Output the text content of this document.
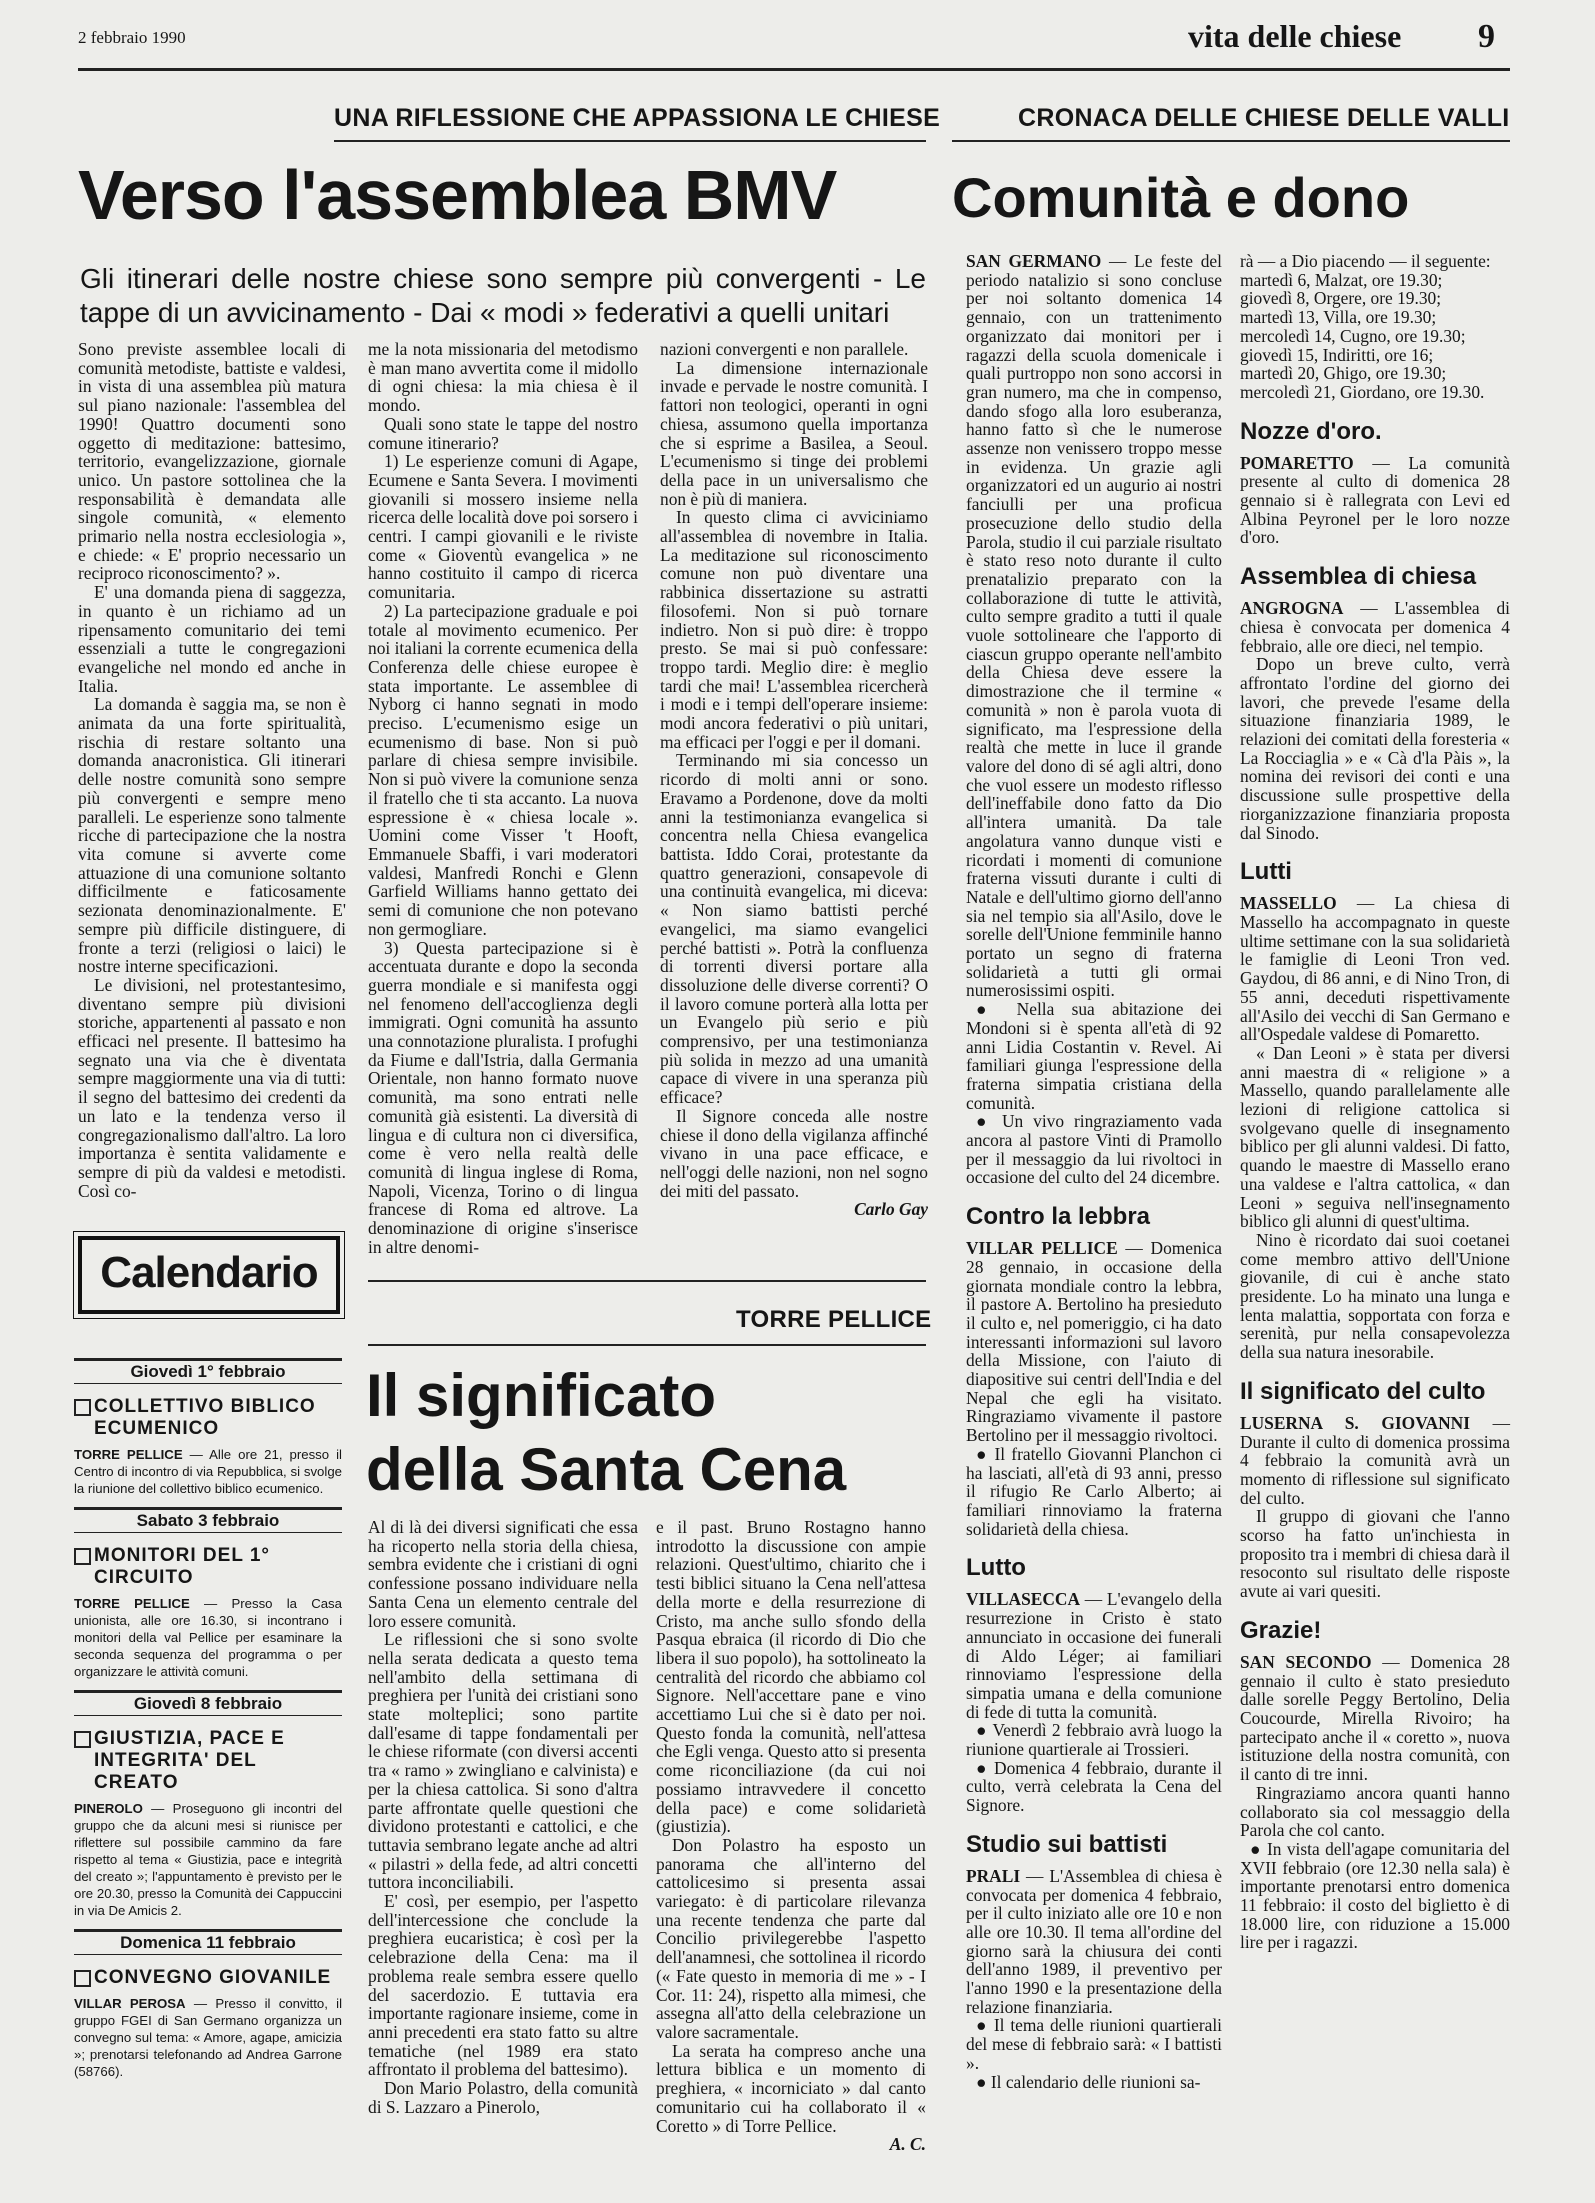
2 febbraio 1990	vita delle chiese 9
UNA RIFLESSIONE CHE APPASSIONA LE CHIESE
Verso l'assemblea BMV
Gli itinerari delle nostre chiese sono sempre più convergenti - Le tappe di un avvicinamento - Dai « modi » federativi a quelli unitari

Sono previste assemblee locali di comunità metodiste, battiste e valdesi, in vista di una assemblea più matura sul piano nazionale: l'assemblea del 1990! Quattro documenti sono oggetto di meditazione: battesimo, territorio, evangelizzazione, giornale unico. Un pastore sottolinea che la responsabilità è demandata alle singole comunità, « elemento primario nella nostra ecclesiologia », e chiede: « E' proprio necessario un reciproco riconoscimento? ».

E' una domanda piena di saggezza, in quanto è un richiamo ad un ripensamento comunitario dei temi essenziali a tutte le congregazioni evangeliche nel mondo ed anche in Italia.

La domanda è saggia ma, se non è animata da una forte spiritualità, rischia di restare soltanto una domanda anacronistica. Gli itinerari delle nostre comunità sono sempre più convergenti e sempre meno paralleli. Le esperienze sono talmente ricche di partecipazione che la nostra vita comune si avverte come attuazione di una comunione soltanto difficilmente e faticosamente sezionata denominazionalmente. E' sempre più difficile distinguere, di fronte a terzi (religiosi o laici) le nostre interne specificazioni.

Le divisioni, nel protestantesimo, diventano sempre più divisioni storiche, appartenenti al passato e non efficaci nel presente. Il battesimo ha segnato una via che è diventata sempre maggiormente una via di tutti: il segno del battesimo dei credenti da un lato e la tendenza verso il congregazionalismo dall'altro. La loro importanza è sentita validamente e sempre di più da valdesi e metodisti. Così co-

me la nota missionaria del metodismo è man mano avvertita come il midollo di ogni chiesa: la mia chiesa è il mondo.

Quali sono state le tappe del nostro comune itinerario?

1) Le esperienze comuni di Agape, Ecumene e Santa Severa. I movimenti giovanili si mossero insieme nella ricerca delle località dove poi sorsero i centri. I campi giovanili e le riviste come « Gioventù evangelica » ne hanno costituito il campo di ricerca comunitaria.

2) La partecipazione graduale e poi totale al movimento ecumenico. Per noi italiani la corrente ecumenica della Conferenza delle chiese europee è stata importante. Le assemblee di Nyborg ci hanno segnati in modo preciso. L'ecumenismo esige un ecumenismo di base. Non si può parlare di chiesa sempre invisibile. Non si può vivere la comunione senza il fratello che ti sta accanto. La nuova espressione è « chiesa locale ». Uomini come Visser 't Hooft, Emmanuele Sbaffi, i vari moderatori valdesi, Manfredi Ronchi e Glenn Garfield Williams hanno gettato dei semi di comunione che non potevano non germogliare.

3) Questa partecipazione si è accentuata durante e dopo la seconda guerra mondiale e si manifesta oggi nel fenomeno dell'accoglienza degli immigrati. Ogni comunità ha assunto una connotazione pluralista. I profughi da Fiume e dall'Istria, dalla Germania Orientale, non hanno formato nuove comunità, ma sono entrati nelle comunità già esistenti. La diversità di lingua e di cultura non ci diversifica, come è vero nella realtà delle comunità di lingua inglese di Roma, Napoli, Vicenza, Torino o di lingua francese di Roma ed altrove. La denominazione di origine s'inserisce in altre denomi-

nazioni convergenti e non parallele.

La dimensione internazionale invade e pervade le nostre comunità. I fattori non teologici, operanti in ogni chiesa, assumono quella importanza che si esprime a Basilea, a Seoul. L'ecumenismo si tinge dei problemi della pace in un universalismo che non è più di maniera.

In questo clima ci avviciniamo all'assemblea di novembre in Italia. La meditazione sul riconoscimento comune non può diventare una rabbinica dissertazione su astratti filosofemi. Non si può tornare indietro. Non si può dire: è troppo presto. Se mai si può confessare: troppo tardi. Meglio dire: è meglio tardi che mai! L'assemblea ricercherà i modi e i tempi dell'operare insieme: modi ancora federativi o più unitari, ma efficaci per l'oggi e per il domani.

Terminando mi sia concesso un ricordo di molti anni or sono. Eravamo a Pordenone, dove da molti anni la testimonianza evangelica si concentra nella Chiesa evangelica battista. Iddo Corai, protestante da quattro generazioni, consapevole di una continuità evangelica, mi diceva: « Non siamo battisti perché evangelici, ma siamo evangelici perché battisti ». Potrà la confluenza di torrenti diversi portare alla dissoluzione delle diverse correnti? O il lavoro comune porterà alla lotta per un Evangelo più serio e più comprensivo, per una testimonianza più solida in mezzo ad una umanità capace di vivere in una speranza più efficace?

Il Signore conceda alle nostre chiese il dono della vigilanza affinché vivano in una pace efficace, e nell'oggi delle nazioni, non nel sogno dei miti del passato.

Carlo Gay

Calendario
Giovedì 1° febbraio
COLLETTIVO BIBLICO ECUMENICO
TORRE PELLICE — Alle ore 21, presso il Centro di incontro di via Repubblica, si svolge la riunione del collettivo biblico ecumenico.
Sabato 3 febbraio
MONITORI DEL 1° CIRCUITO
TORRE PELLICE — Presso la Casa unionista, alle ore 16.30, si incontrano i monitori della val Pellice per esaminare la seconda sequenza del programma o per organizzare le attività comuni.
Giovedì 8 febbraio
GIUSTIZIA, PACE E INTEGRITA' DEL CREATO
PINEROLO — Proseguono gli incontri del gruppo che da alcuni mesi si riunisce per riflettere sul possibile cammino da fare rispetto al tema « Giustizia, pace e integrità del creato »; l'appuntamento è previsto per le ore 20.30, presso la Comunità dei Cappuccini in via De Amicis 2.
Domenica 11 febbraio
CONVEGNO GIOVANILE
VILLAR PEROSA — Presso il convitto, il gruppo FGEI di San Germano organizza un convegno sul tema: « Amore, agape, amicizia »; prenotarsi telefonando ad Andrea Garrone (58766).
TORRE PELLICE
Il significato
della Santa Cena

Al di là dei diversi significati che essa ha ricoperto nella storia della chiesa, sembra evidente che i cristiani di ogni confessione possano individuare nella Santa Cena un elemento centrale del loro essere comunità.

Le riflessioni che si sono svolte nella serata dedicata a questo tema nell'ambito della settimana di preghiera per l'unità dei cristiani sono state molteplici; sono partite dall'esame di tappe fondamentali per le chiese riformate (con diversi accenti tra « ramo » zwingliano e calvinista) e per la chiesa cattolica. Si sono d'altra parte affrontate quelle questioni che dividono protestanti e cattolici, e che tuttavia sembrano legate anche ad altri « pilastri » della fede, ad altri concetti tuttora inconciliabili.

E' così, per esempio, per l'aspetto dell'intercessione che conclude la preghiera eucaristica; è così per la celebrazione della Cena: ma il problema reale sembra essere quello del sacerdozio. E tuttavia era importante ragionare insieme, come in anni precedenti era stato fatto su altre tematiche (nel 1989 era stato affrontato il problema del battesimo).

Don Mario Polastro, della comunità di S. Lazzaro a Pinerolo,

e il past. Bruno Rostagno hanno introdotto la discussione con ampie relazioni. Quest'ultimo, chiarito che i testi biblici situano la Cena nell'attesa della morte e della resurrezione di Cristo, ma anche sullo sfondo della Pasqua ebraica (il ricordo di Dio che libera il suo popolo), ha sottolineato la centralità del ricordo che abbiamo col Signore. Nell'accettare pane e vino accettiamo Lui che si è dato per noi. Questo fonda la comunità, nell'attesa che Egli venga. Questo atto si presenta come riconciliazione (da cui noi possiamo intravvedere il concetto della pace) e come solidarietà (giustizia).

Don Polastro ha esposto un panorama che all'interno del cattolicesimo si presenta assai variegato: è di particolare rilevanza una recente tendenza che parte dal Concilio privilegerebbe l'aspetto dell'anamnesi, che sottolinea il ricordo (« Fate questo in memoria di me » - I Cor. 11: 24), rispetto alla mimesi, che assegna all'atto della celebrazione un valore sacramentale.

La serata ha compreso anche una lettura biblica e un momento di preghiera, « incorniciato » dal canto comunitario cui ha collaborato il « Coretto » di Torre Pellice.

A. C.

CRONACA DELLE CHIESE DELLE VALLI
Comunità e dono

SAN GERMANO — Le feste del periodo natalizio si sono concluse per noi soltanto domenica 14 gennaio, con un trattenimento organizzato dai monitori per i ragazzi della scuola domenicale i quali purtroppo non sono accorsi in gran numero, ma che in compenso, dando sfogo alla loro esuberanza, hanno fatto sì che le numerose assenze non venissero troppo messe in evidenza. Un grazie agli organizzatori ed un augurio ai nostri fanciulli per una proficua prosecuzione dello studio della Parola, studio il cui parziale risultato è stato reso noto durante il culto prenatalizio preparato con la collaborazione di tutte le attività, culto sempre gradito a tutti il quale vuole sottolineare che l'apporto di ciascun gruppo operante nell'ambito della Chiesa deve essere la dimostrazione che il termine « comunità » non è parola vuota di significato, ma l'espressione della realtà che mette in luce il grande valore del dono di sé agli altri, dono che vuol essere un modesto riflesso dell'ineffabile dono fatto da Dio all'intera umanità. Da tale angolatura vanno dunque visti e ricordati i momenti di comunione fraterna vissuti durante i culti di Natale e dell'ultimo giorno dell'anno sia nel tempio sia all'Asilo, dove le sorelle dell'Unione femminile hanno portato un segno di fraterna solidarietà a tutti gli ormai numerosissimi ospiti.

● Nella sua abitazione dei Mondoni si è spenta all'età di 92 anni Lidia Costantin v. Revel. Ai familiari giunga l'espressione della fraterna simpatia cristiana della comunità.

● Un vivo ringraziamento vada ancora al pastore Vinti di Pramollo per il messaggio da lui rivoltoci in occasione del culto del 24 dicembre.

Contro la lebbra

VILLAR PELLICE — Domenica 28 gennaio, in occasione della giornata mondiale contro la lebbra, il pastore A. Bertolino ha presieduto il culto e, nel pomeriggio, ci ha dato interessanti informazioni sul lavoro della Missione, con l'aiuto di diapositive sui centri dell'India e del Nepal che egli ha visitato. Ringraziamo vivamente il pastore Bertolino per il messaggio rivoltoci.

● Il fratello Giovanni Planchon ci ha lasciati, all'età di 93 anni, presso il rifugio Re Carlo Alberto; ai familiari rinnoviamo la fraterna solidarietà della chiesa.

Lutto

VILLASECCA — L'evangelo della resurrezione in Cristo è stato annunciato in occasione dei funerali di Aldo Léger; ai familiari rinnoviamo l'espressione della simpatia umana e della comunione di fede di tutta la comunità.

● Venerdì 2 febbraio avrà luogo la riunione quartierale ai Trossieri.

● Domenica 4 febbraio, durante il culto, verrà celebrata la Cena del Signore.

Studio sui battisti

PRALI — L'Assemblea di chiesa è convocata per domenica 4 febbraio, per il culto iniziato alle ore 10 e non alle ore 10.30. Il tema all'ordine del giorno sarà la chiusura dei conti dell'anno 1989, il preventivo per l'anno 1990 e la presentazione della relazione finanziaria.

● Il tema delle riunioni quartierali del mese di febbraio sarà: « I battisti ».

● Il calendario delle riunioni sa-

rà — a Dio piacendo — il seguente:

martedì 6, Malzat, ore 19.30;

giovedì 8, Orgere, ore 19.30;

martedì 13, Villa, ore 19.30;

mercoledì 14, Cugno, ore 19.30;

giovedì 15, Indiritti, ore 16;

martedì 20, Ghigo, ore 19.30;

mercoledì 21, Giordano, ore 19.30.

Nozze d'oro.

POMARETTO — La comunità presente al culto di domenica 28 gennaio si è rallegrata con Levi ed Albina Peyronel per le loro nozze d'oro.

Assemblea di chiesa

ANGROGNA — L'assemblea di chiesa è convocata per domenica 4 febbraio, alle ore dieci, nel tempio.

Dopo un breve culto, verrà affrontato l'ordine del giorno dei lavori, che prevede l'esame della situazione finanziaria 1989, le relazioni dei comitati della foresteria « La Rocciaglia » e « Cà d'la Pàis », la nomina dei revisori dei conti e una discussione sulle prospettive della riorganizzazione finanziaria proposta dal Sinodo.

Lutti

MASSELLO — La chiesa di Massello ha accompagnato in queste ultime settimane con la sua solidarietà le famiglie di Leoni Tron ved. Gaydou, di 86 anni, e di Nino Tron, di 55 anni, deceduti rispettivamente all'Asilo dei vecchi di San Germano e all'Ospedale valdese di Pomaretto.

« Dan Leoni » è stata per diversi anni maestra di « religione » a Massello, quando parallelamente alle lezioni di religione cattolica si svolgevano quelle di insegnamento biblico per gli alunni valdesi. Di fatto, quando le maestre di Massello erano una valdese e l'altra cattolica, « dan Leoni » seguiva nell'insegnamento biblico gli alunni di quest'ultima.

Nino è ricordato dai suoi coetanei come membro attivo dell'Unione giovanile, di cui è anche stato presidente. Lo ha minato una lunga e lenta malattia, sopportata con forza e serenità, pur nella consapevolezza della sua natura inesorabile.

Il significato del culto

LUSERNA S. GIOVANNI — Durante il culto di domenica prossima 4 febbraio la comunità avrà un momento di riflessione sul significato del culto.

Il gruppo di giovani che l'anno scorso ha fatto un'inchiesta in proposito tra i membri di chiesa darà il resoconto sul risultato delle risposte avute ai vari quesiti.

Grazie!

SAN SECONDO — Domenica 28 gennaio il culto è stato presieduto dalle sorelle Peggy Bertolino, Delia Coucourde, Mirella Rivoiro; ha partecipato anche il « coretto », nuova istituzione della nostra comunità, con il canto di tre inni.

Ringraziamo ancora quanti hanno collaborato sia col messaggio della Parola che col canto.

● In vista dell'agape comunitaria del XVII febbraio (ore 12.30 nella sala) è importante prenotarsi entro domenica 11 febbraio: il costo del biglietto è di 18.000 lire, con riduzione a 15.000 lire per i ragazzi.
